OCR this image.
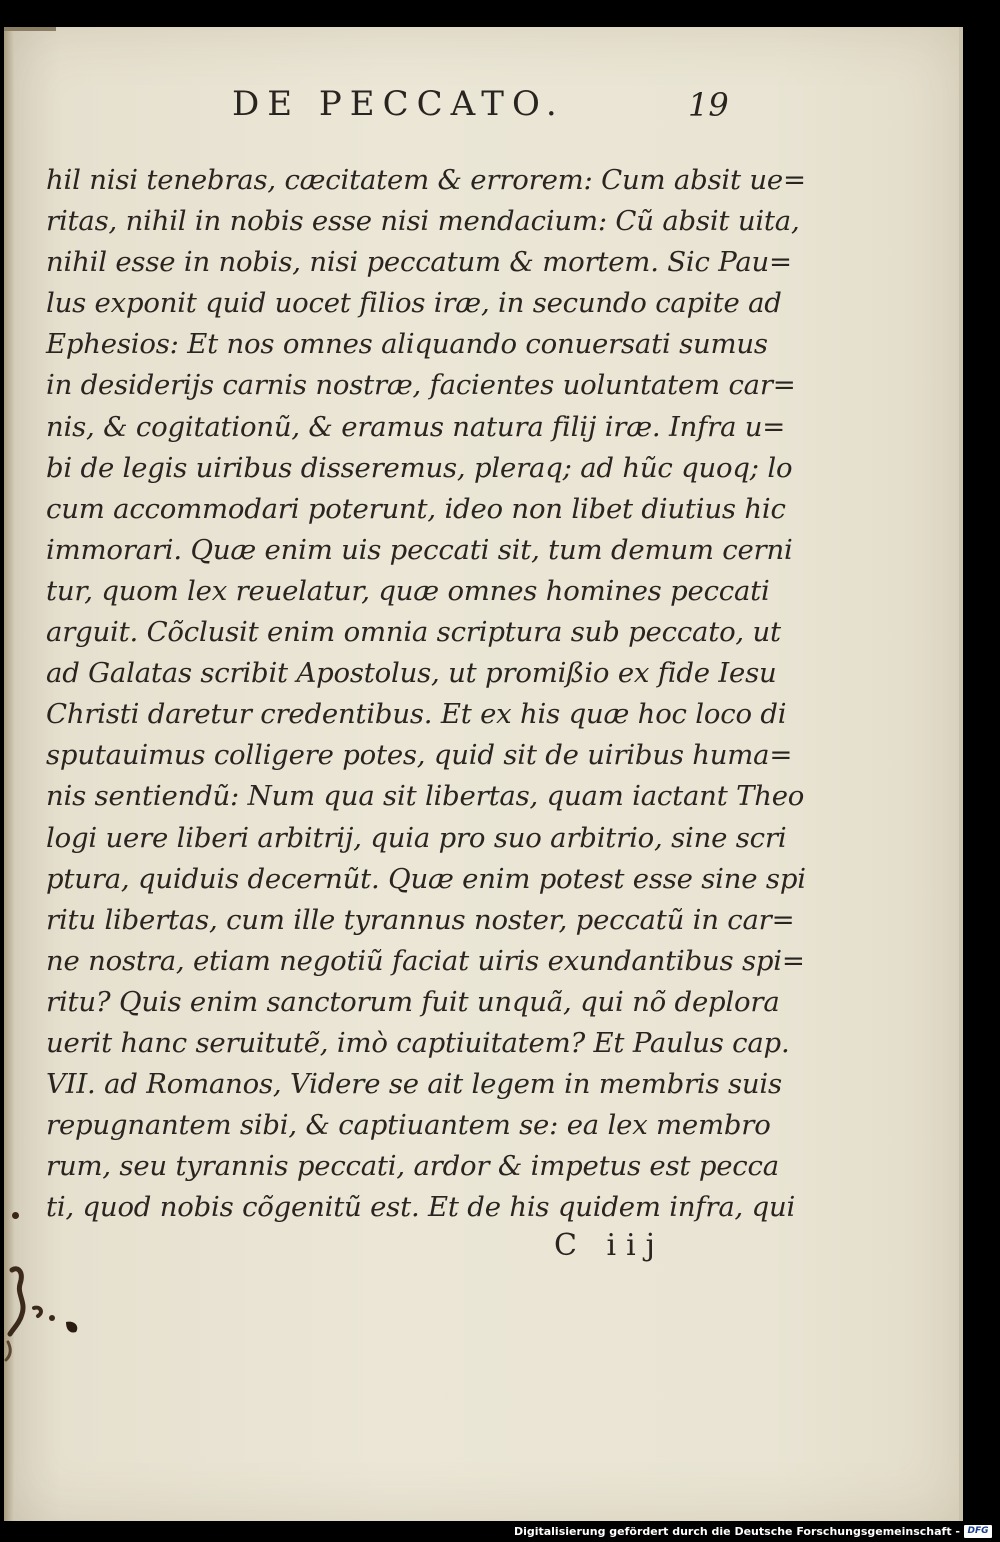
DE PECCATO.	19
hil nisi tenebras, cæcitatem & errorem: Cum absit ue=
ritas, nihil in nobis esse nisi mendacium: Cũ absit uita,
nihil esse in nobis, nisi peccatum & mortem. Sic Pau=
lus exponit quid uocet filios iræ, in secundo capite ad
Ephesios: Et nos omnes aliquando conuersati sumus
in desiderijs carnis nostræ, facientes uoluntatem car=
nis, & cogitationũ, & eramus natura filij iræ. Infra u=
bi de legis uiribus disseremus, pleraq; ad hũc quoq; lo
cum accommodari poterunt, ideo non libet diutius hic
immorari. Quæ enim uis peccati sit, tum demum cerni
tur, quom lex reuelatur, quæ omnes homines peccati
arguit. Cõclusit enim omnia scriptura sub peccato, ut
ad Galatas scribit Apostolus, ut promißio ex fide Iesu
Christi daretur credentibus. Et ex his quæ hoc loco di
sputauimus colligere potes, quid sit de uiribus huma=
nis sentiendũ: Num qua sit libertas, quam iactant Theo
logi uere liberi arbitrij, quia pro suo arbitrio, sine scri
ptura, quiduis decernũt. Quæ enim potest esse sine spi
ritu libertas, cum ille tyrannus noster, peccatũ in car=
ne nostra, etiam negotiũ faciat uiris exundantibus spi=
ritu? Quis enim sanctorum fuit unquã, qui nõ deplora
uerit hanc seruitutẽ, imò captiuitatem? Et Paulus cap.
VII. ad Romanos, Videre se ait legem in membris suis
repugnantem sibi, & captiuantem se: ea lex membro
rum, seu tyrannis peccati, ardor & impetus est pecca
ti, quod nobis cõgenitũ est. Et de his quidem infra, qui
C iij
Digitalisierung gefördert durch die Deutsche Forschungsgemeinschaft - DFG
